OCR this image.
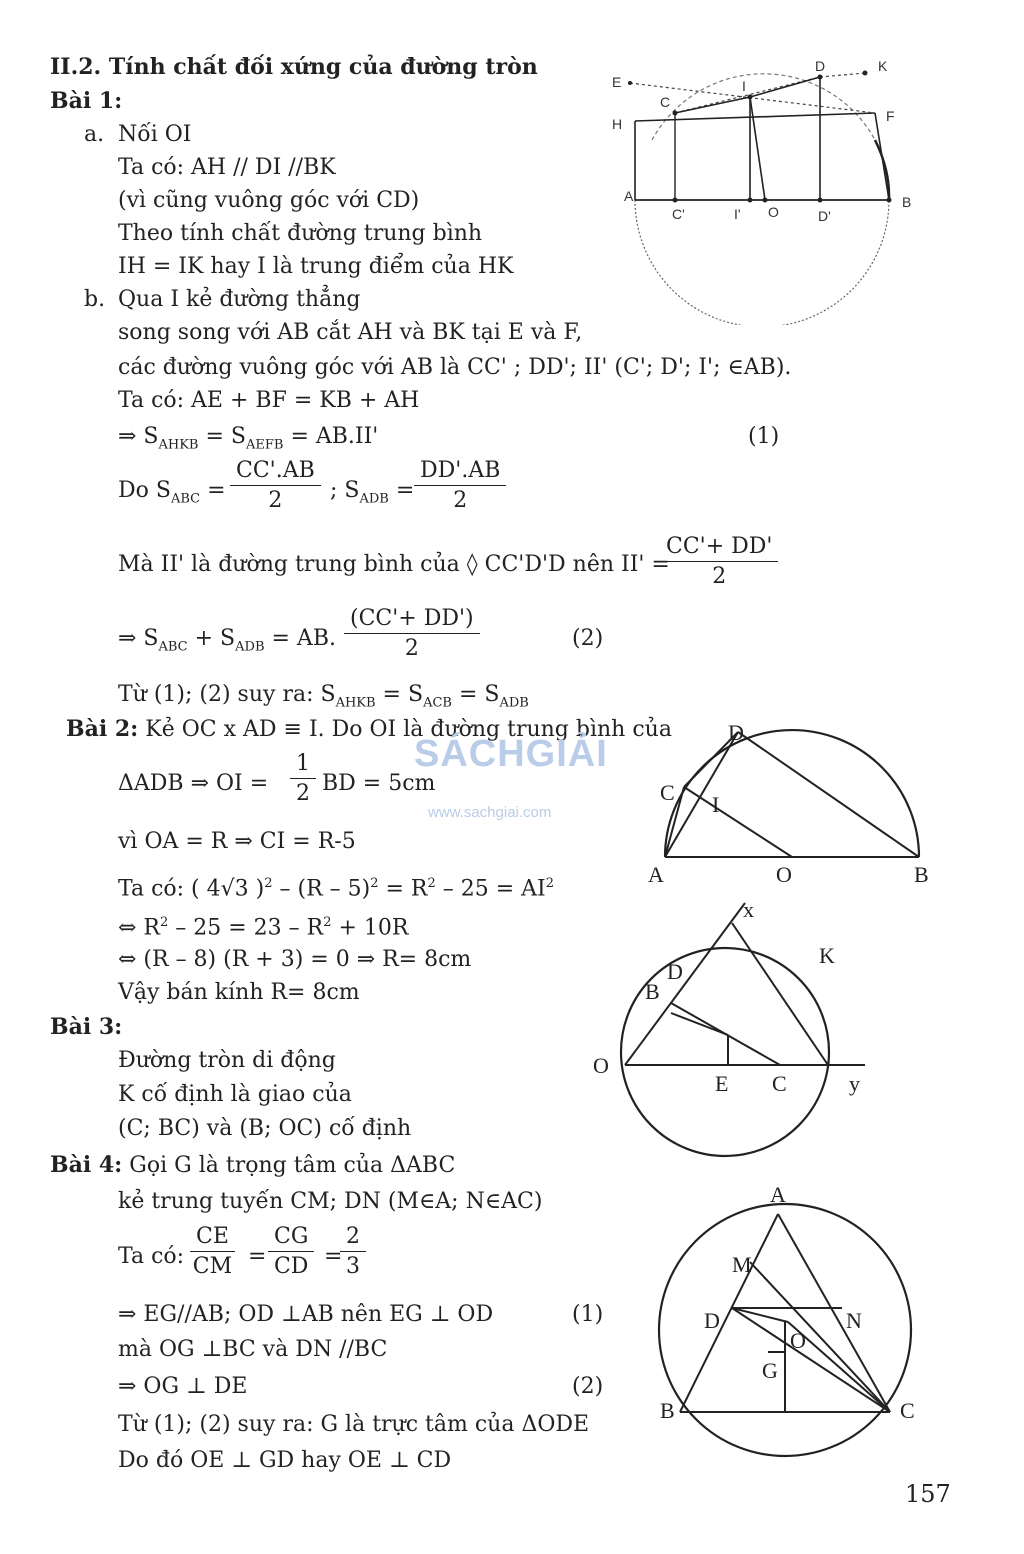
II.2. Tính chất đối xứng của đường tròn
Bài 1:
a. Nối OI
Ta có: AH // DI //BK
(vì cũng vuông góc với CD)
Theo tính chất đường trung bình
IH = IK hay I là trung điểm của HK
b. Qua I kẻ đường thẳng
song song với AB cắt AH và BK tại E và F,
các đường vuông góc với AB là CC' ; DD'; II' (C'; D'; I'; ∈AB).
Ta có: AE + BF = KB + AH
⇒ $S_{AHKB} = S_{AEFB} = AB.II'$	(1)
Do $S_{ABC} = \frac{CC'.AB}{2}$ ; $S_{ADB} = \frac{DD'.AB}{2}$
Mà II' là đường trung bình của ◊ CC'D'D nên II' =
$\frac{CC'+ DD'}{2}$
⇒ $S_{ABC} + S_{ADB}$ = AB. $\frac{(CC'+ DD')}{2}$	(2)
Từ (1); (2) suy ra: $S_{AHKB} = S_{ACB} = S_{ADB}$
E
C
I
D	K
H	F
A
C'	I' O	D'
B
Bài 2: Kẻ OC x AD ≡ I. Do OI là đường trung bình của
ΔADB ⇒ OI = $\frac{1}{2}$ BD = 5cm
vì OA = R ⇒ CI = R-5
Ta có: ( 4√3 )$^2 - (R - 5)^2 = R^2 - 25 = AI^2$
⇔ $R^2 - 25 = 23 - R^2 + 10R$
⇔ (R – 8) (R + 3) = 0 ⇒ R= 8cm
Vậy bán kính R= 8cm
D
C I
A	O	B
SÁCHGIẢI
www.sachgiai.com
Bài 3:
Đường tròn di động
K cố định là giao của
(C; BC) và (B; OC) cố định
x
D
K
B
O
E C	y
Bài 4: Gọi G là trọng tâm của ΔABC
kẻ trung tuyến CM; DN (M∈A; N∈AC)
Ta có: $\frac{CE}{CM} = \frac{CG}{CD}$ =
$\frac{2}{3}$
⇒ EG//AB; OD ⊥AB nên EG ⊥ OD	(1)
mà OG ⊥BC và DN //BC
⇒ OG ⊥ DE	(2)
Từ (1); (2) suy ra: G là trực tâm của ΔODE
Do đó OE ⊥ GD hay OE ⊥ CD
A
M
D	N
O
G
B	C
157
